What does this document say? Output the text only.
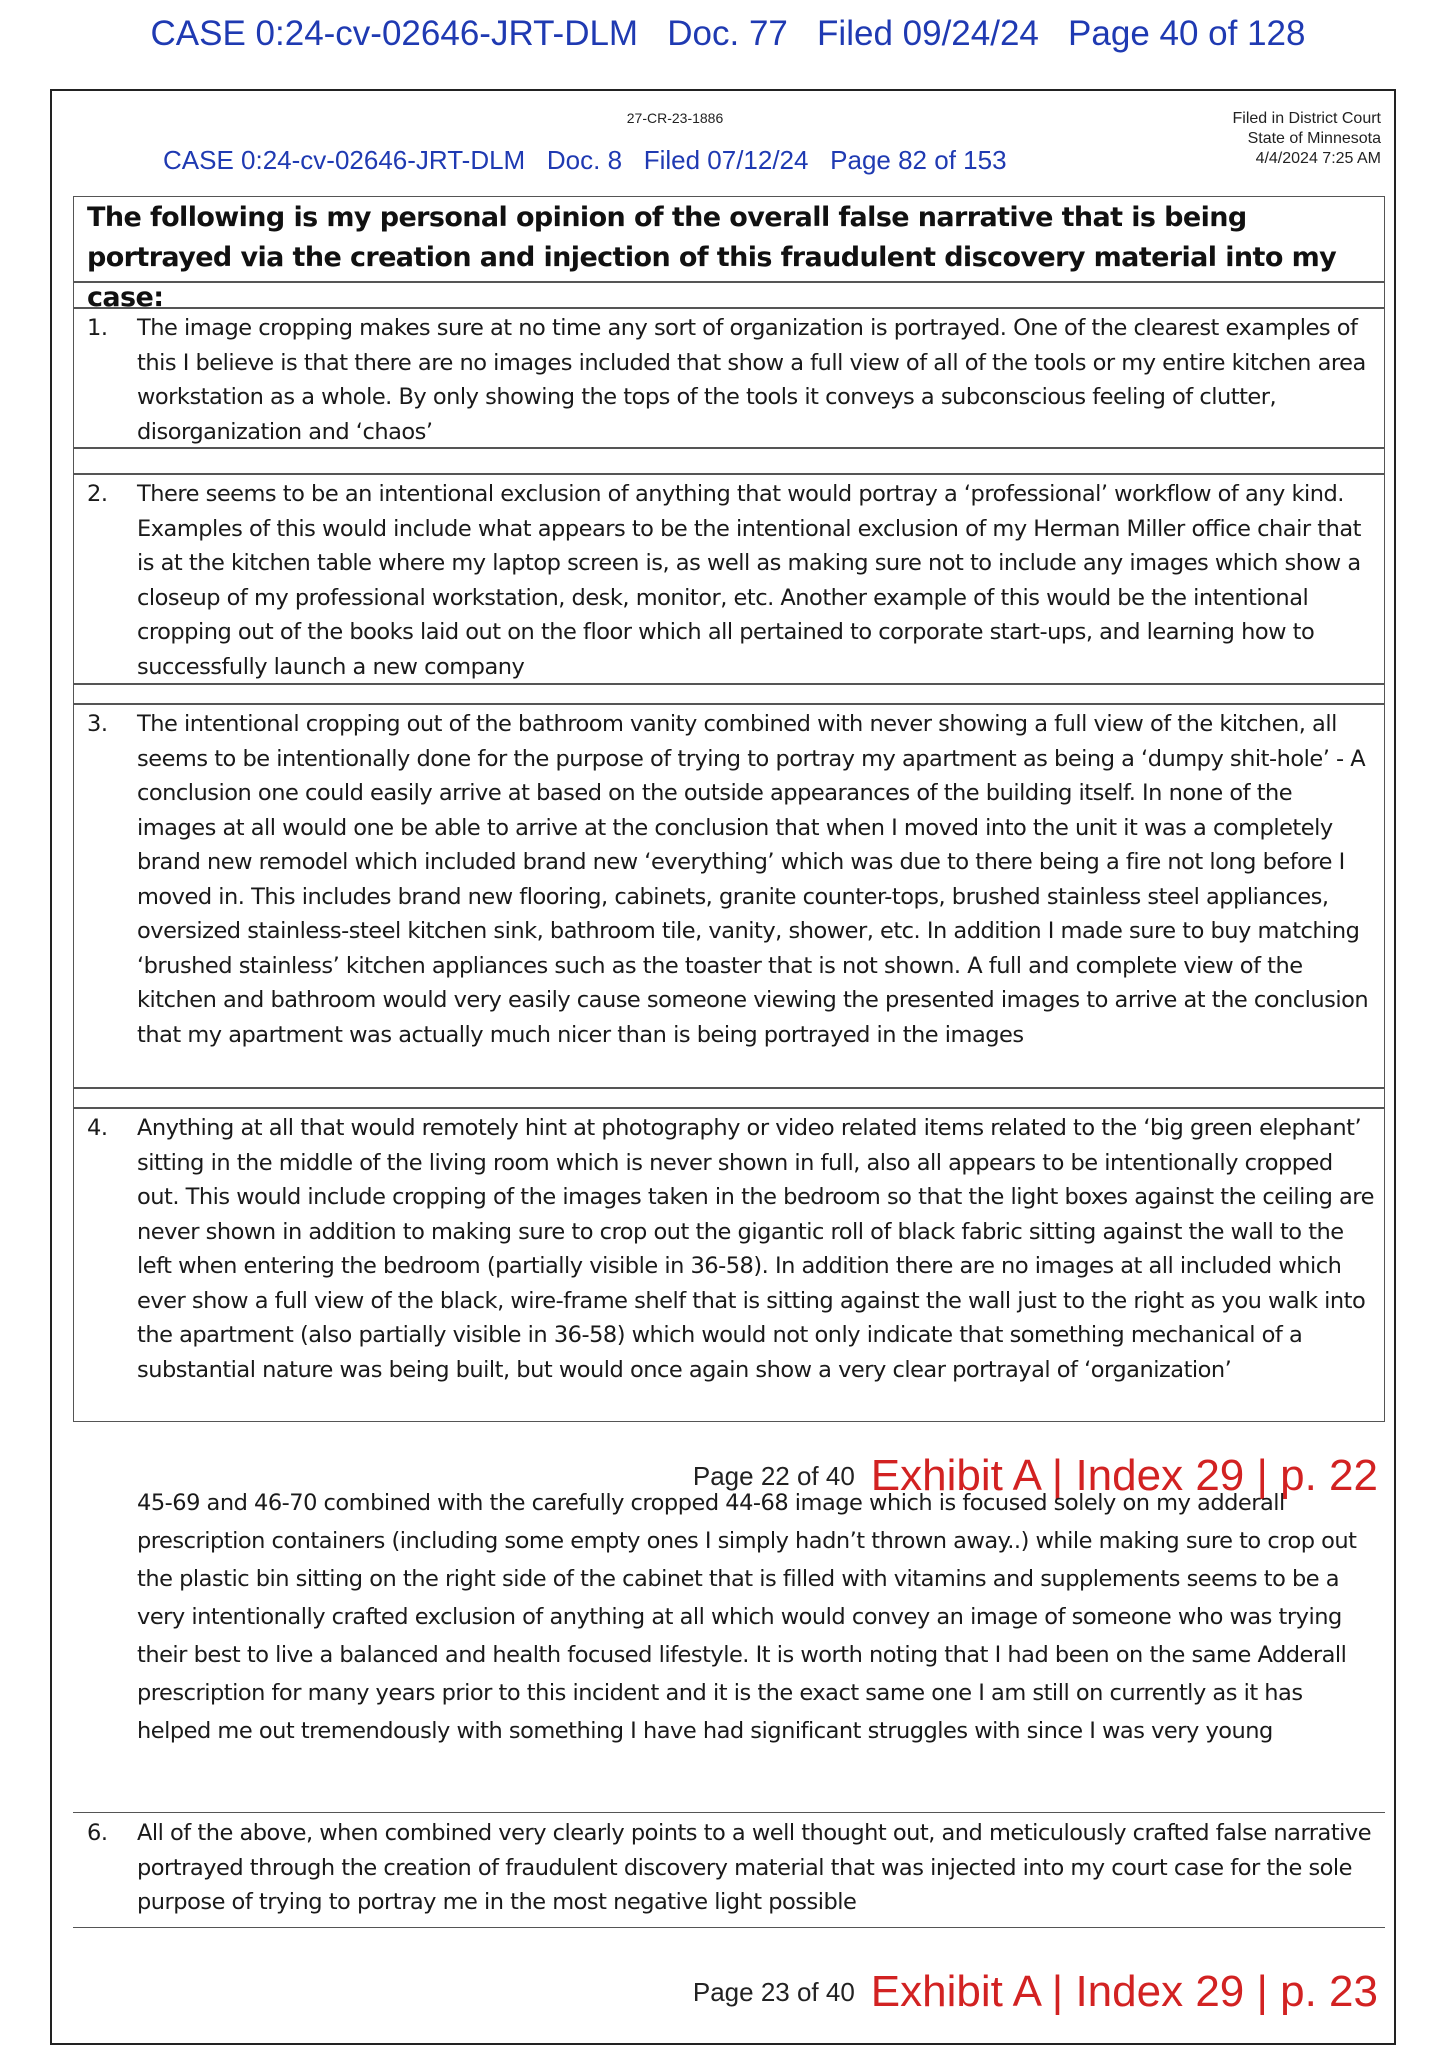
CASE 0:24-cv-02646-JRT-DLM   Doc. 77   Filed 09/24/24   Page 40 of 128
27-CR-23-1886
CASE 0:24-cv-02646-JRT-DLM   Doc. 8   Filed 07/12/24   Page 82 of 153
Filed in District Court
State of Minnesota
4/4/2024 7:25 AM
The following is my personal opinion of the overall false narrative that is being portrayed via the creation and injection of this fraudulent discovery material into my case:
1. The image cropping makes sure at no time any sort of organization is portrayed. One of the clearest examples of this I believe is that there are no images included that show a full view of all of the tools or my entire kitchen area workstation as a whole. By only showing the tops of the tools it conveys a subconscious feeling of clutter, disorganization and ‘chaos’
2. There seems to be an intentional exclusion of anything that would portray a ‘professional’ workflow of any kind. Examples of this would include what appears to be the intentional exclusion of my Herman Miller office chair that is at the kitchen table where my laptop screen is, as well as making sure not to include any images which show a closeup of my professional workstation, desk, monitor, etc. Another example of this would be the intentional cropping out of the books laid out on the floor which all pertained to corporate start-ups, and learning how to successfully launch a new company
3. The intentional cropping out of the bathroom vanity combined with never showing a full view of the kitchen, all seems to be intentionally done for the purpose of trying to portray my apartment as being a ‘dumpy shit-hole’ - A conclusion one could easily arrive at based on the outside appearances of the building itself. In none of the images at all would one be able to arrive at the conclusion that when I moved into the unit it was a completely brand new remodel which included brand new ‘everything’ which was due to there being a fire not long before I moved in. This includes brand new flooring, cabinets, granite counter-tops, brushed stainless steel appliances, oversized stainless-steel kitchen sink, bathroom tile, vanity, shower, etc. In addition I made sure to buy matching ‘brushed stainless’ kitchen appliances such as the toaster that is not shown. A full and complete view of the kitchen and bathroom would very easily cause someone viewing the presented images to arrive at the conclusion that my apartment was actually much nicer than is being portrayed in the images
4. Anything at all that would remotely hint at photography or video related items related to the ‘big green elephant’ sitting in the middle of the living room which is never shown in full, also all appears to be intentionally cropped out. This would include cropping of the images taken in the bedroom so that the light boxes against the ceiling are never shown in addition to making sure to crop out the gigantic roll of black fabric sitting against the wall to the left when entering the bedroom (partially visible in 36-58). In addition there are no images at all included which ever show a full view of the black, wire-frame shelf that is sitting against the wall just to the right as you walk into the apartment (also partially visible in 36-58) which would not only indicate that something mechanical of a substantial nature was being built, but would once again show a very clear portrayal of ‘organization’

Page 22 of 40 Exhibit A | Index 29 | p. 22

45-69 and 46-70 combined with the carefully cropped 44-68 image which is focused solely on my adderall prescription containers (including some empty ones I simply hadn’t thrown away..) while making sure to crop out the plastic bin sitting on the right side of the cabinet that is filled with vitamins and supplements seems to be a very intentionally crafted exclusion of anything at all which would convey an image of someone who was trying their best to live a balanced and health focused lifestyle. It is worth noting that I had been on the same Adderall prescription for many years prior to this incident and it is the exact same one I am still on currently as it has helped me out tremendously with something I have had significant struggles with since I was very young
6. All of the above, when combined very clearly points to a well thought out, and meticulously crafted false narrative portrayed through the creation of fraudulent discovery material that was injected into my court case for the sole purpose of trying to portray me in the most negative light possible

Page 23 of 40 Exhibit A | Index 29 | p. 23
